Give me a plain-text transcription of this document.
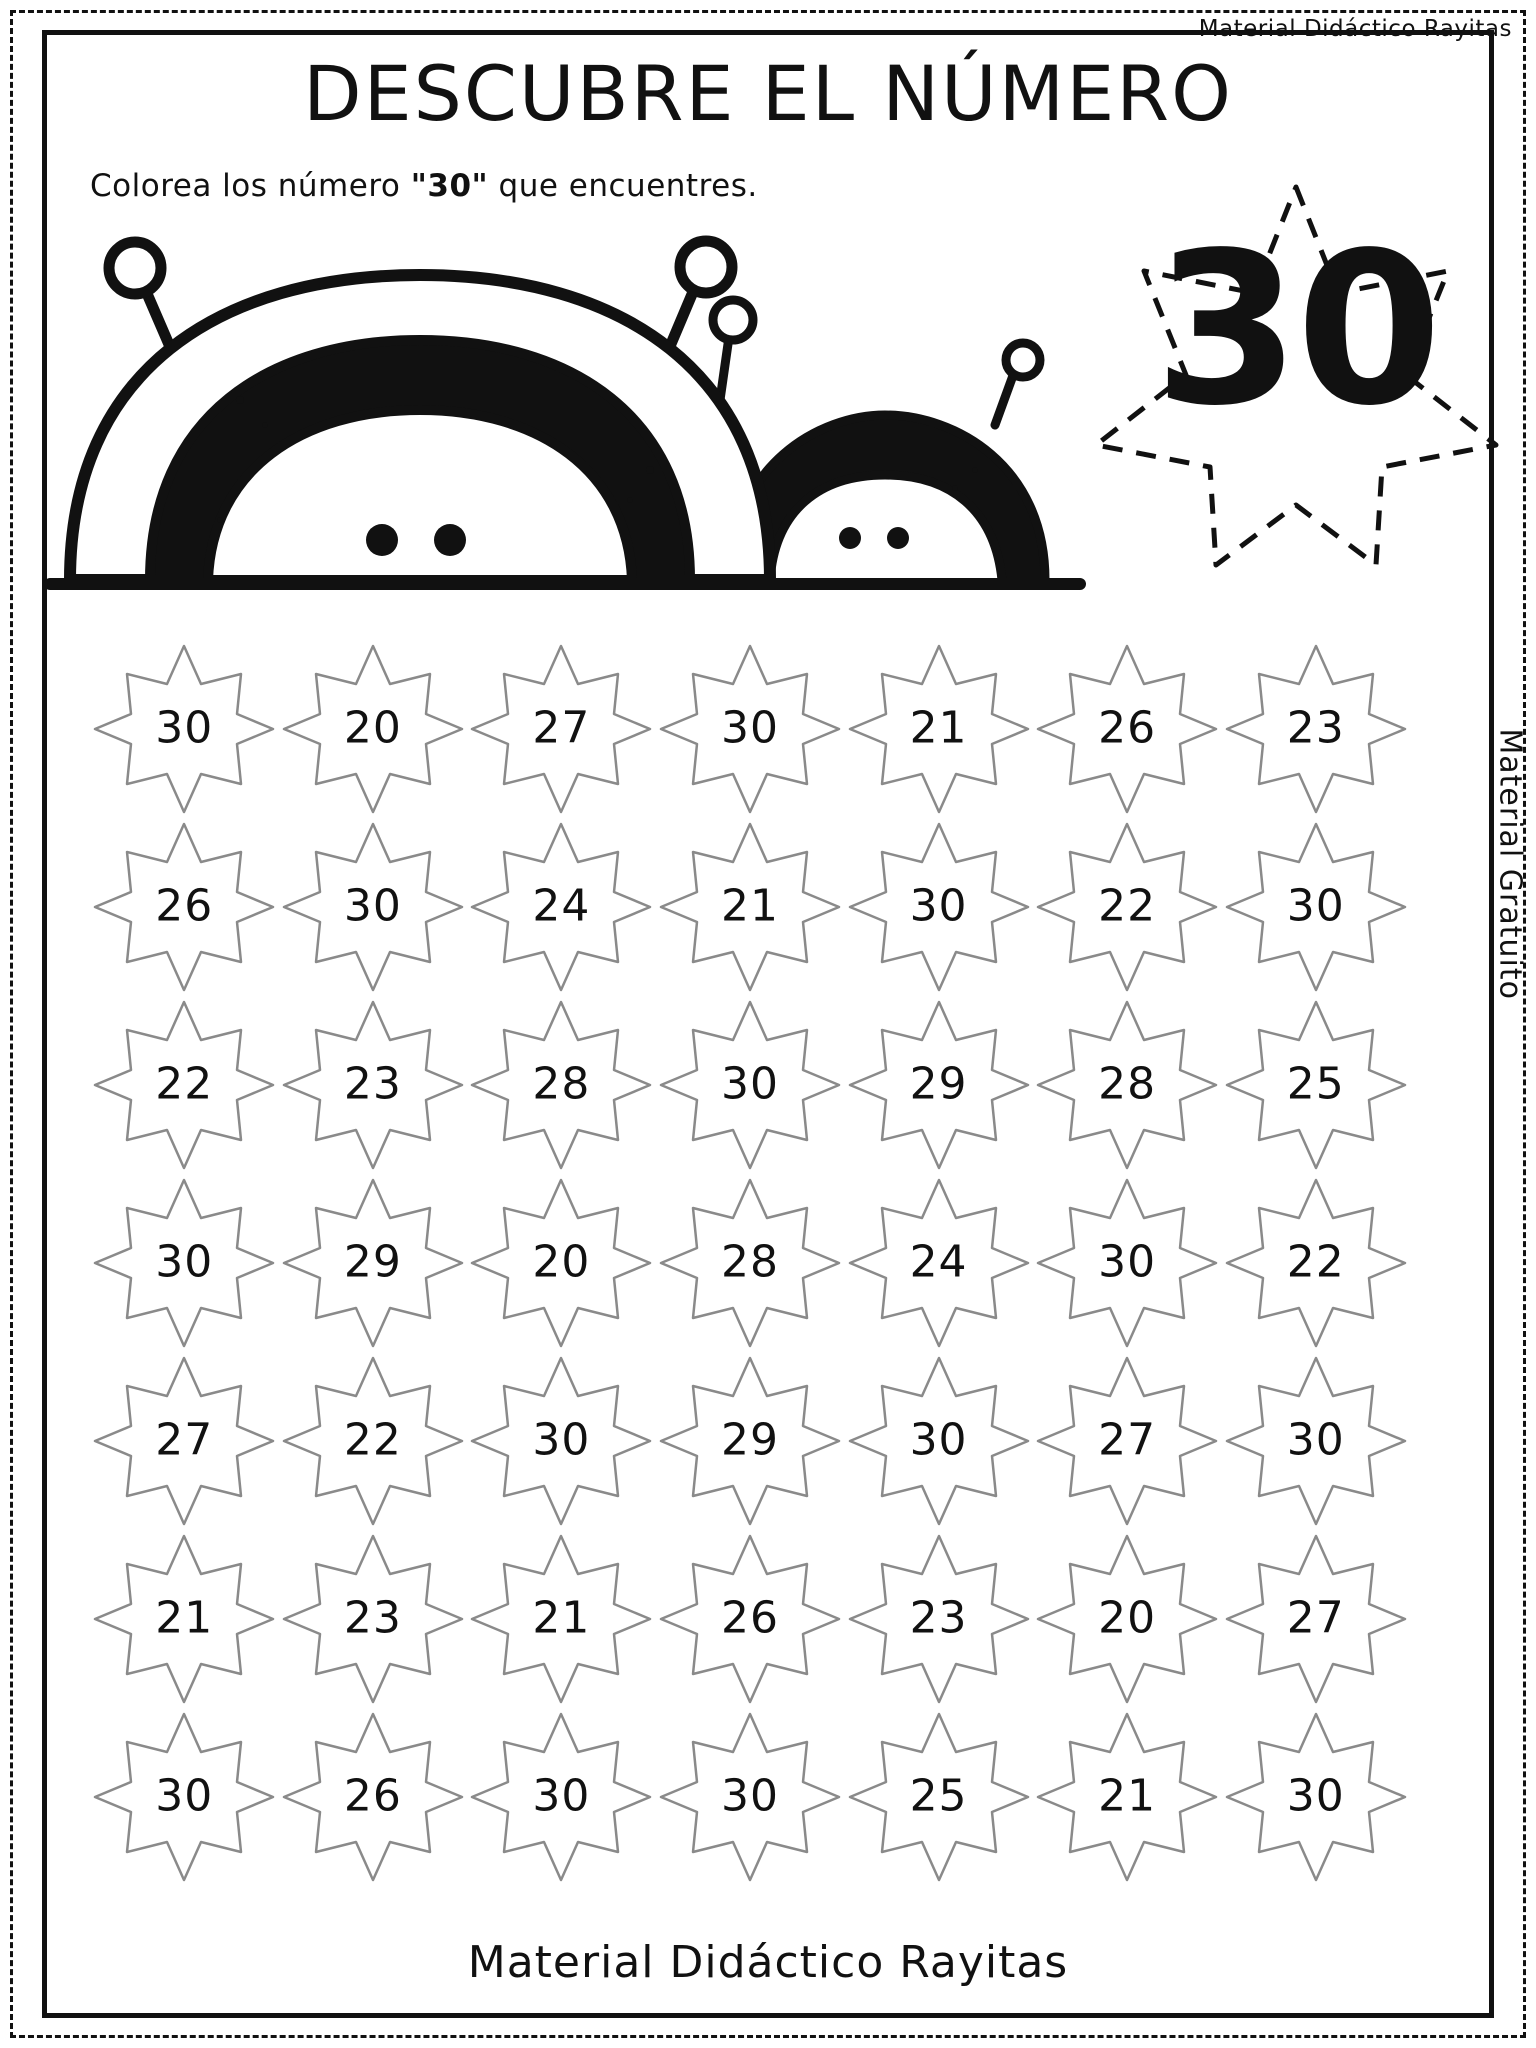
Material Didáctico Rayitas
DESCUBRE EL NÚMERO
Colorea los número "30" que encuentres.
30
Material Gratuito
30	20	27	30	21	26	23
26	30	24	21	30	22	30
22	23	28	30	29	28	25
30	29	20	28	24	30	22
27	22	30	29	30	27	30
21	23	21	26	23	20	27
30	26	30	30	25	21	30
Material Didáctico Rayitas
